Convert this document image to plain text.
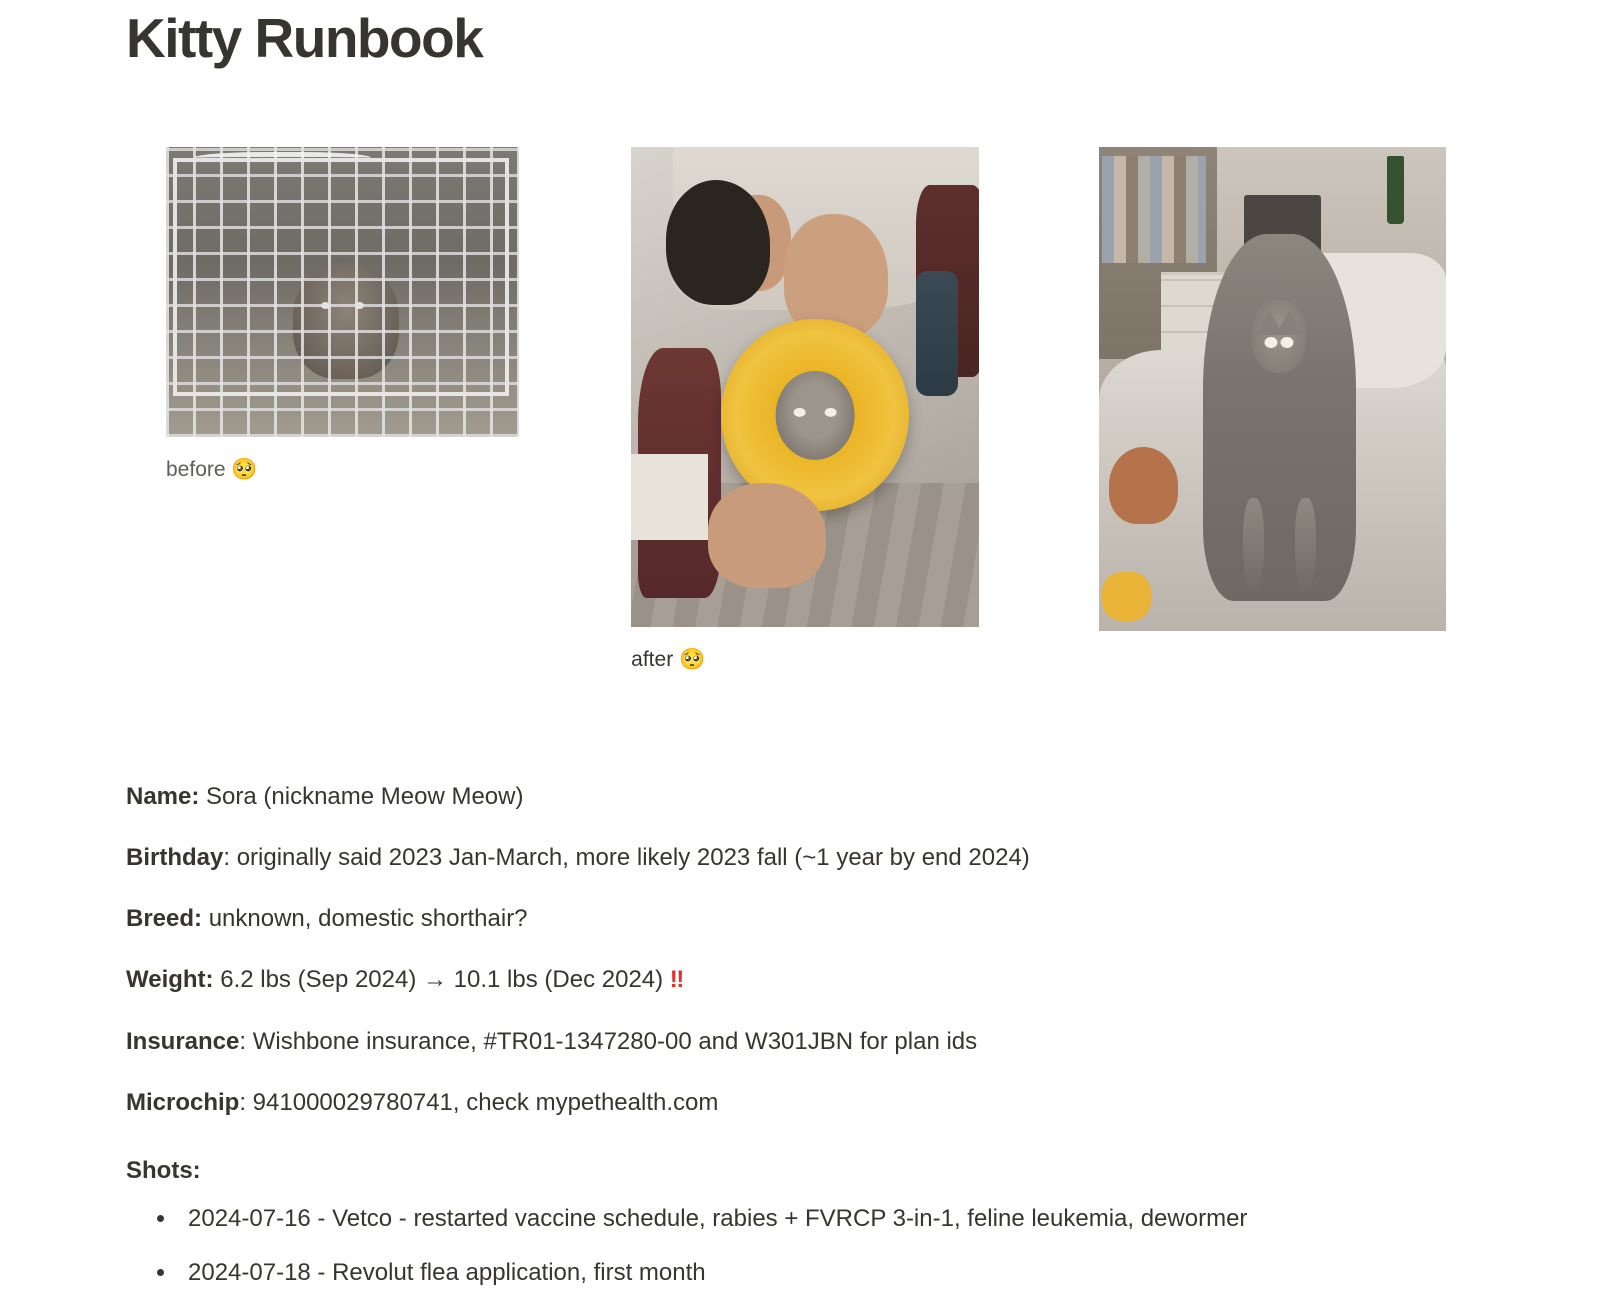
Kitty Runbook
before 🥺
after 🥺

Name: Sora (nickname Meow Meow)

Birthday: originally said 2023 Jan-March, more likely 2023 fall (~1 year by end 2024)

Breed: unknown, domestic shorthair?

Weight: 6.2 lbs (Sep 2024) → 10.1 lbs (Dec 2024) ‼

Insurance: Wishbone insurance, #TR01-1347280-00 and W301JBN for plan ids

Microchip: 941000029780741, check mypethealth.com

Shots:
• 2024-07-16 - Vetco - restarted vaccine schedule, rabies + FVRCP 3-in-1, feline leukemia, dewormer
• 2024-07-18 - Revolut flea application, first month
